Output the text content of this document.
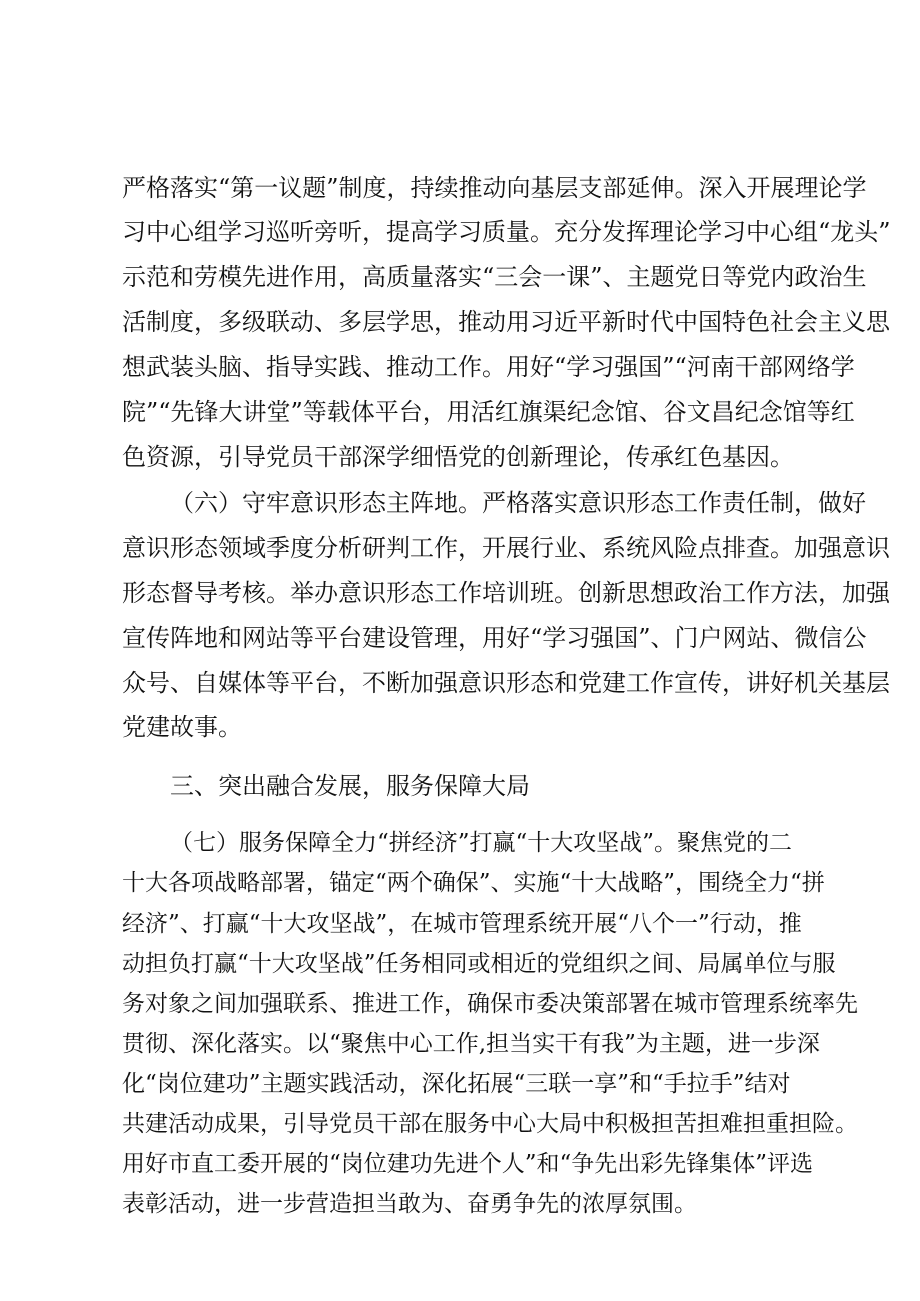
严格落实“第一议题”制度，持续推动向基层支部延伸。深入开展理论学
习中心组学习巡听旁听，提高学习质量。充分发挥理论学习中心组“龙头”
示范和劳模先进作用，高质量落实“三会一课”、主题党日等党内政治生
活制度，多级联动、多层学思，推动用习近平新时代中国特色社会主义思
想武装头脑、指导实践、推动工作。用好“学习强国”“河南干部网络学
院”“先锋大讲堂”等载体平台，用活红旗渠纪念馆、谷文昌纪念馆等红
色资源，引导党员干部深学细悟党的创新理论，传承红色基因。
（六）守牢意识形态主阵地。严格落实意识形态工作责任制，做好
意识形态领域季度分析研判工作，开展行业、系统风险点排查。加强意识
形态督导考核。举办意识形态工作培训班。创新思想政治工作方法，加强
宣传阵地和网站等平台建设管理，用好“学习强国”、门户网站、微信公
众号、自媒体等平台，不断加强意识形态和党建工作宣传，讲好机关基层
党建故事。
三、突出融合发展，服务保障大局
（七）服务保障全力“拼经济”打赢“十大攻坚战”。聚焦党的二
十大各项战略部署，锚定“两个确保”、实施“十大战略”，围绕全力“拼
经济”、打赢“十大攻坚战”，在城市管理系统开展“八个一”行动，推
动担负打赢“十大攻坚战”任务相同或相近的党组织之间、局属单位与服
务对象之间加强联系、推进工作，确保市委决策部署在城市管理系统率先
贯彻、深化落实。以“聚焦中心工作,担当实干有我”为主题，进一步深
化“岗位建功”主题实践活动，深化拓展“三联一享”和“手拉手”结对
共建活动成果，引导党员干部在服务中心大局中积极担苦担难担重担险。
用好市直工委开展的“岗位建功先进个人”和“争先出彩先锋集体”评选
表彰活动，进一步营造担当敢为、奋勇争先的浓厚氛围。
